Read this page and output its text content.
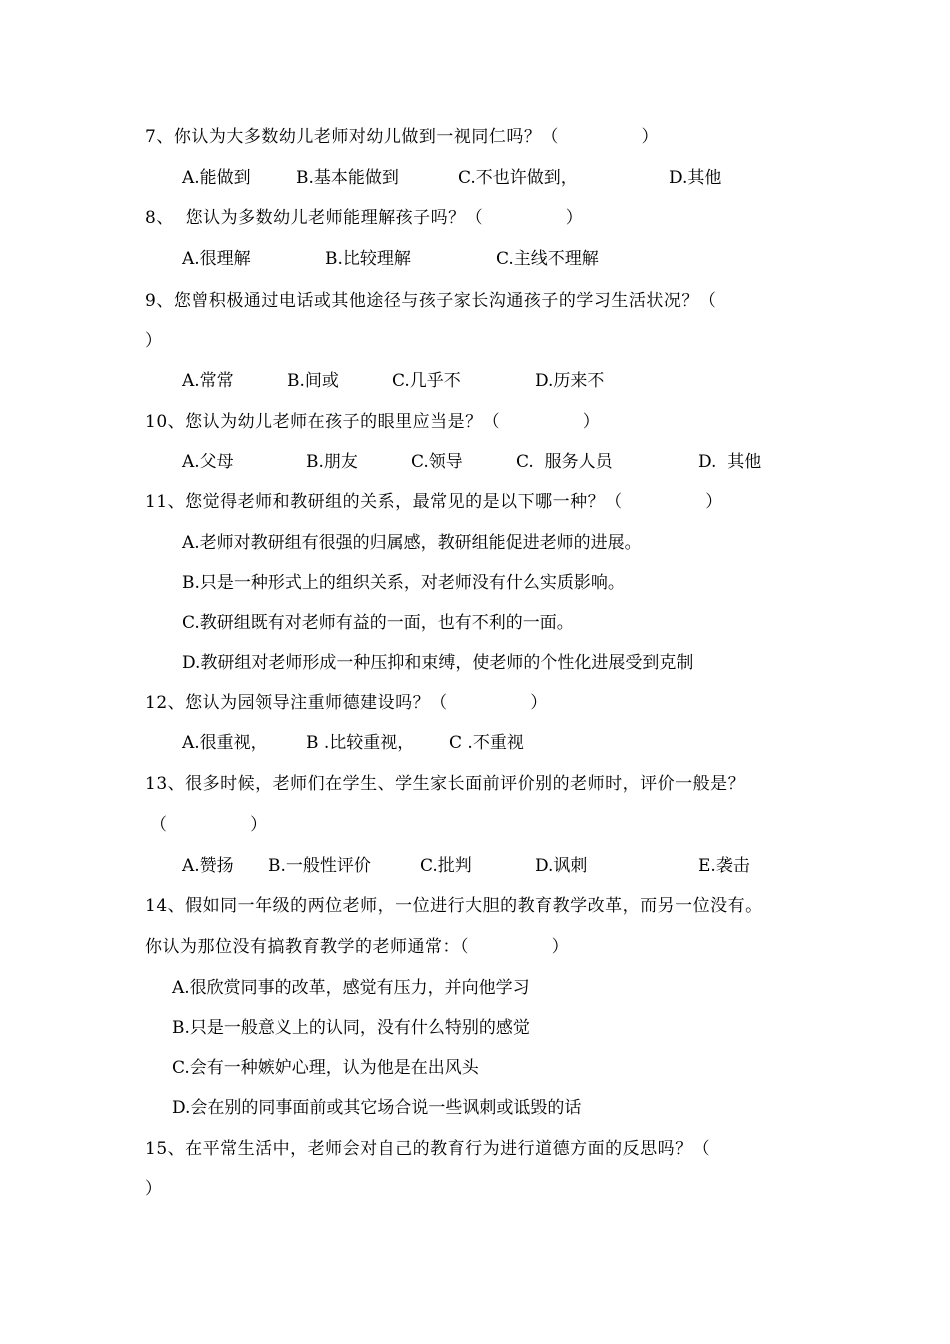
7、你认为大多数幼儿老师对幼儿做到一视同仁吗？（              ）
A.能做到	B.基本能做到	C.不也许做到，	D.其他
8、  您认为多数幼儿老师能理解孩子吗？（              ）
A.很理解	B.比较理解	C.主线不理解
9、您曾积极通过电话或其他途径与孩子家长沟通孩子的学习生活状况？（
）
A.常常	B.间或	C.几乎不	D.历来不
10、您认为幼儿老师在孩子的眼里应当是？（              ）
A.父母	B.朋友	C.领导	C.  服务人员	D.  其他
11、您觉得老师和教研组的关系，最常见的是以下哪一种？（              ）
A.老师对教研组有很强的归属感，教研组能促进老师的进展。
B.只是一种形式上的组织关系，对老师没有什么实质影响。
C.教研组既有对老师有益的一面，也有不利的一面。
D.教研组对老师形成一种压抑和束缚，使老师的个性化进展受到克制
12、您认为园领导注重师德建设吗？（              ）
A.很重视， B .比较重视， C .不重视
13、很多时候，老师们在学生、学生家长面前评价别的老师时，评价一般是？
（              ）
A.赞扬 B.一般性评价	C.批判	D.讽刺	E.袭击
14、假如同一年级的两位老师，一位进行大胆的教育教学改革，而另一位没有。
你认为那位没有搞教育教学的老师通常：（              ）
A.很欣赏同事的改革，感觉有压力，并向他学习
B.只是一般意义上的认同，没有什么特别的感觉
C.会有一种嫉妒心理，认为他是在出风头
D.会在别的同事面前或其它场合说一些讽刺或诋毁的话
15、在平常生活中，老师会对自己的教育行为进行道德方面的反思吗？（
）
